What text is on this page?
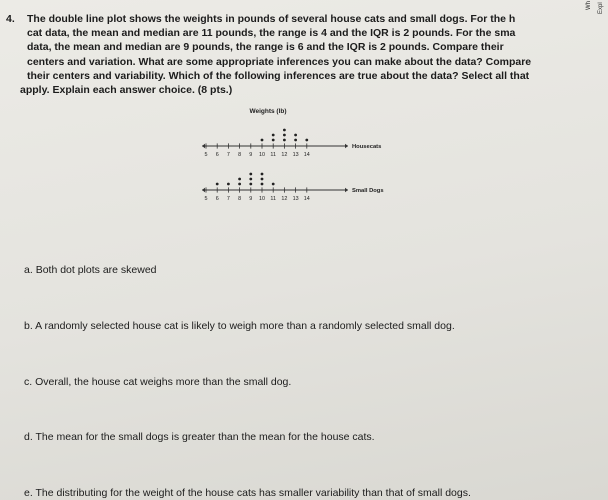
4. The double line plot shows the weights in pounds of several house cats and small dogs. For the h
cat data, the mean and median are 11 pounds, the range is 4 and the IQR is 2 pounds. For the sma
data, the mean and median are 9 pounds, the range is 6 and the IQR is 2 pounds. Compare their
centers and variation. What are some appropriate inferences you can make about the data? Compare
their centers and variability. Which of the following inferences are true about the data? Select all that
apply. Explain each answer choice. (8 pts.)
Weights (lb)
5 6 7 8 9 10 11 12 13 14
Housecats
5 6 7 8 9 10 11 12 13 14
Small Dogs
a. Both dot plots are skewed
b. A randomly selected house cat is likely to weigh more than a randomly selected small dog.
c. Overall, the house cat weighs more than the small dog.
d. The mean for the small dogs is greater than the mean for the house cats.
e. The distributing for the weight of the house cats has smaller variability than that of small dogs.
Wh Expl
